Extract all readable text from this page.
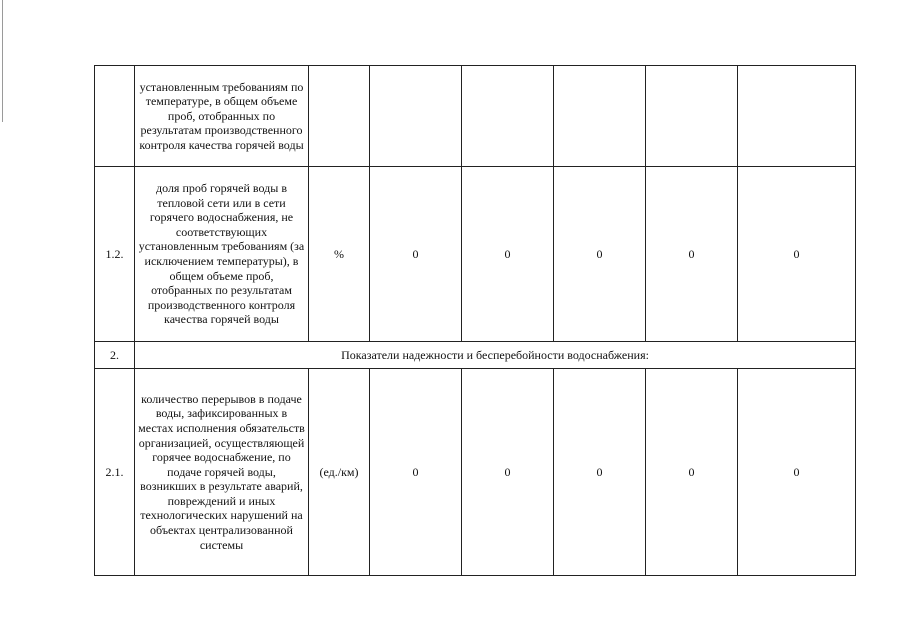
	установленным требованиям по температуре, в общем объеме проб, отобранных по результатам производственного контроля качества горячей воды						
1.2.	доля проб горячей воды в тепловой сети или в сети горячего водоснабжения, не соответствующих установленным требованиям (за исключением температуры), в общем объеме проб, отобранных по результатам производственного контроля качества горячей воды	%	0	0	0	0	0
2.	Показатели надежности и бесперебойности водоснабжения:						
2.1.	количество перерывов в подаче воды, зафиксированных в местах исполнения обязательств организацией, осуществляющей горячее водоснабжение, по подаче горячей воды, возникших в результате аварий, повреждений и иных технологических нарушений на объектах централизованной системы	(ед./км)	0	0	0	0	0
